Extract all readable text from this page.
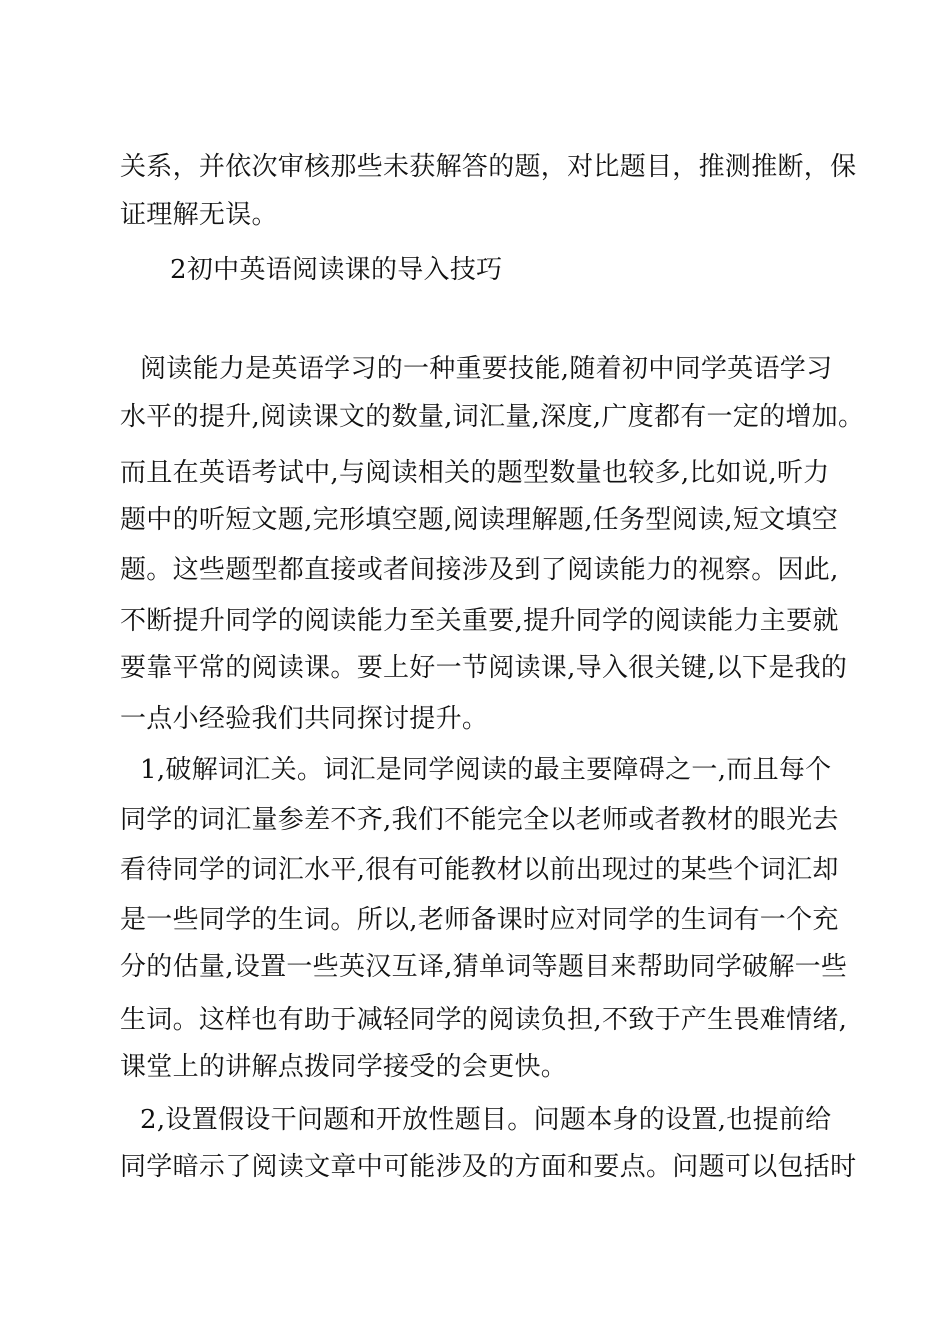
关系，并依次审核那些未获解答的题，对比题目，推测推断，保
证理解无误。
2初中英语阅读课的导入技巧
阅读能力是英语学习的一种重要技能,随着初中同学英语学习
水平的提升,阅读课文的数量,词汇量,深度,广度都有一定的增加。
而且在英语考试中,与阅读相关的题型数量也较多,比如说,听力
题中的听短文题,完形填空题,阅读理解题,任务型阅读,短文填空
题。这些题型都直接或者间接涉及到了阅读能力的视察。因此,
不断提升同学的阅读能力至关重要,提升同学的阅读能力主要就
要靠平常的阅读课。要上好一节阅读课,导入很关键,以下是我的
一点小经验我们共同探讨提升。
1,破解词汇关。词汇是同学阅读的最主要障碍之一,而且每个
同学的词汇量参差不齐,我们不能完全以老师或者教材的眼光去
看待同学的词汇水平,很有可能教材以前出现过的某些个词汇却
是一些同学的生词。所以,老师备课时应对同学的生词有一个充
分的估量,设置一些英汉互译,猜单词等题目来帮助同学破解一些
生词。这样也有助于减轻同学的阅读负担,不致于产生畏难情绪,
课堂上的讲解点拨同学接受的会更快。
2,设置假设干问题和开放性题目。问题本身的设置,也提前给
同学暗示了阅读文章中可能涉及的方面和要点。问题可以包括时
